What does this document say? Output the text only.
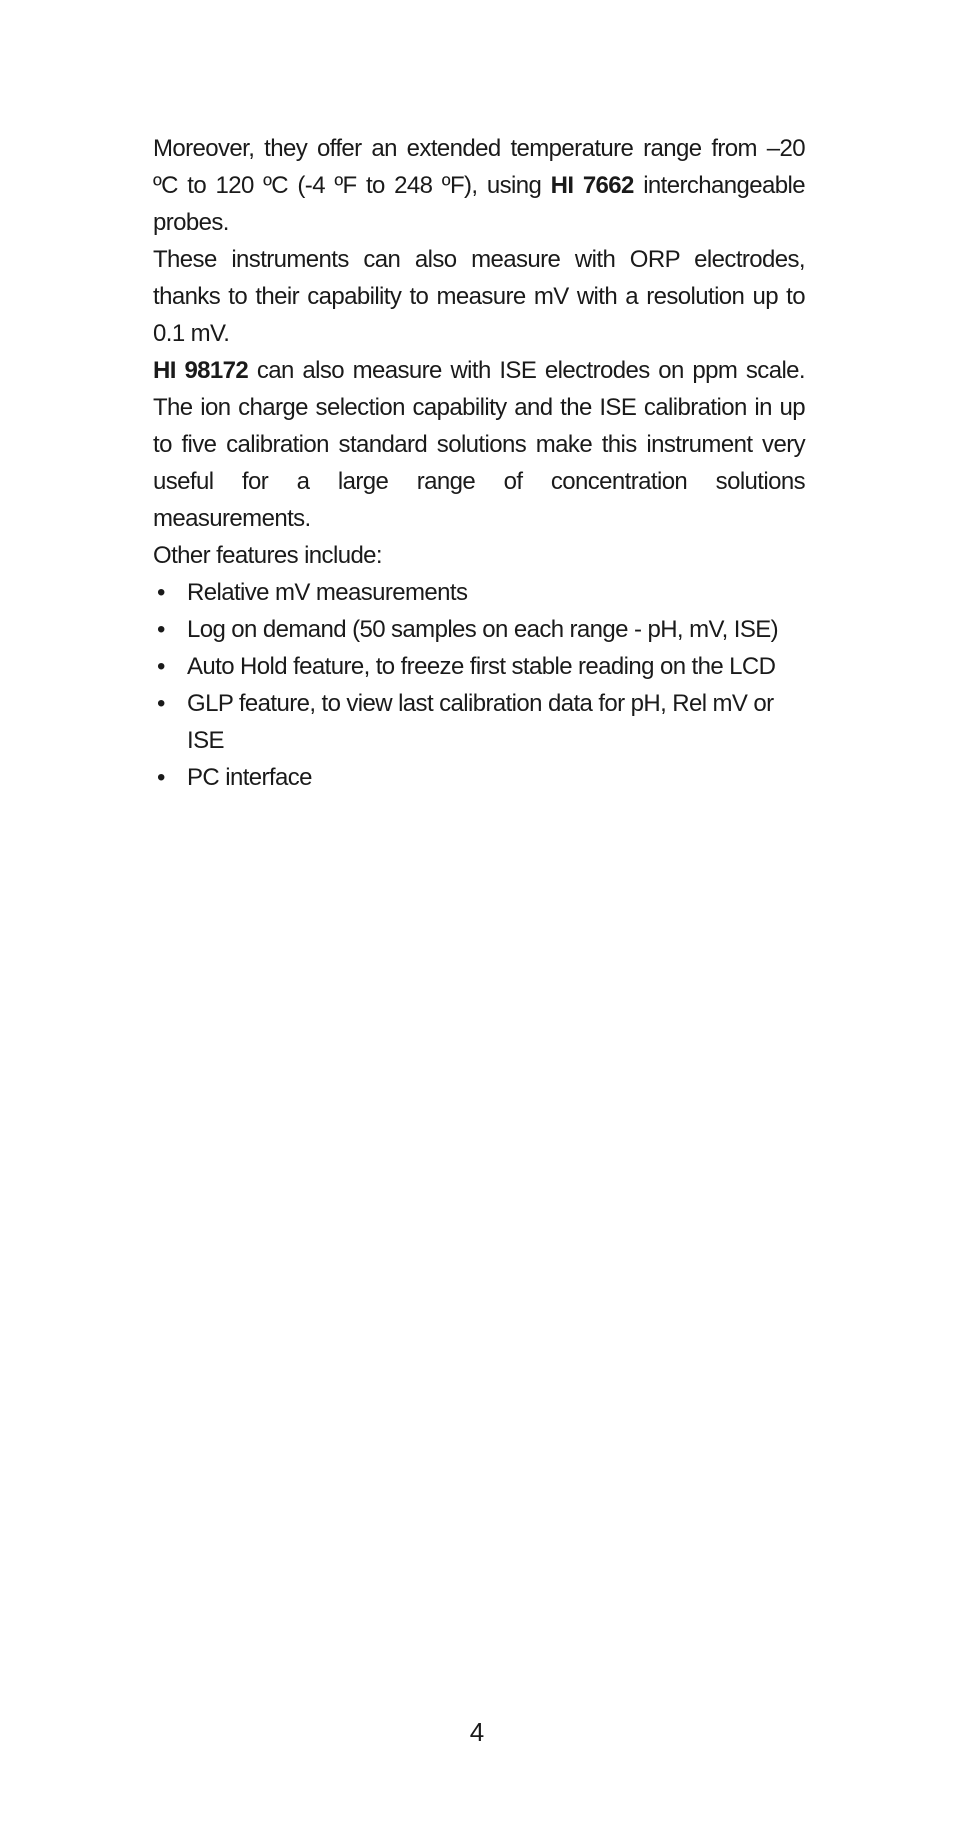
Moreover, they offer an extended temperature range from –20 ºC to 120 ºC (-4 ºF to 248 ºF), using HI 7662 interchangeable probes.

These instruments can also measure with ORP electrodes, thanks to their capability to measure mV with a resolution up to 0.1 mV.

HI 98172 can also measure with ISE electrodes on ppm scale. The ion charge selection capability and the ISE calibration in up to five calibration standard solutions make this instrument very useful for a large range of concentration solutions measurements.

Other features include:

• Relative mV measurements
• Log on demand (50 samples on each range - pH, mV, ISE)
• Auto Hold feature, to freeze first stable reading on the LCD
• GLP feature, to view last calibration data for pH, Rel mV or ISE
• PC interface
4
